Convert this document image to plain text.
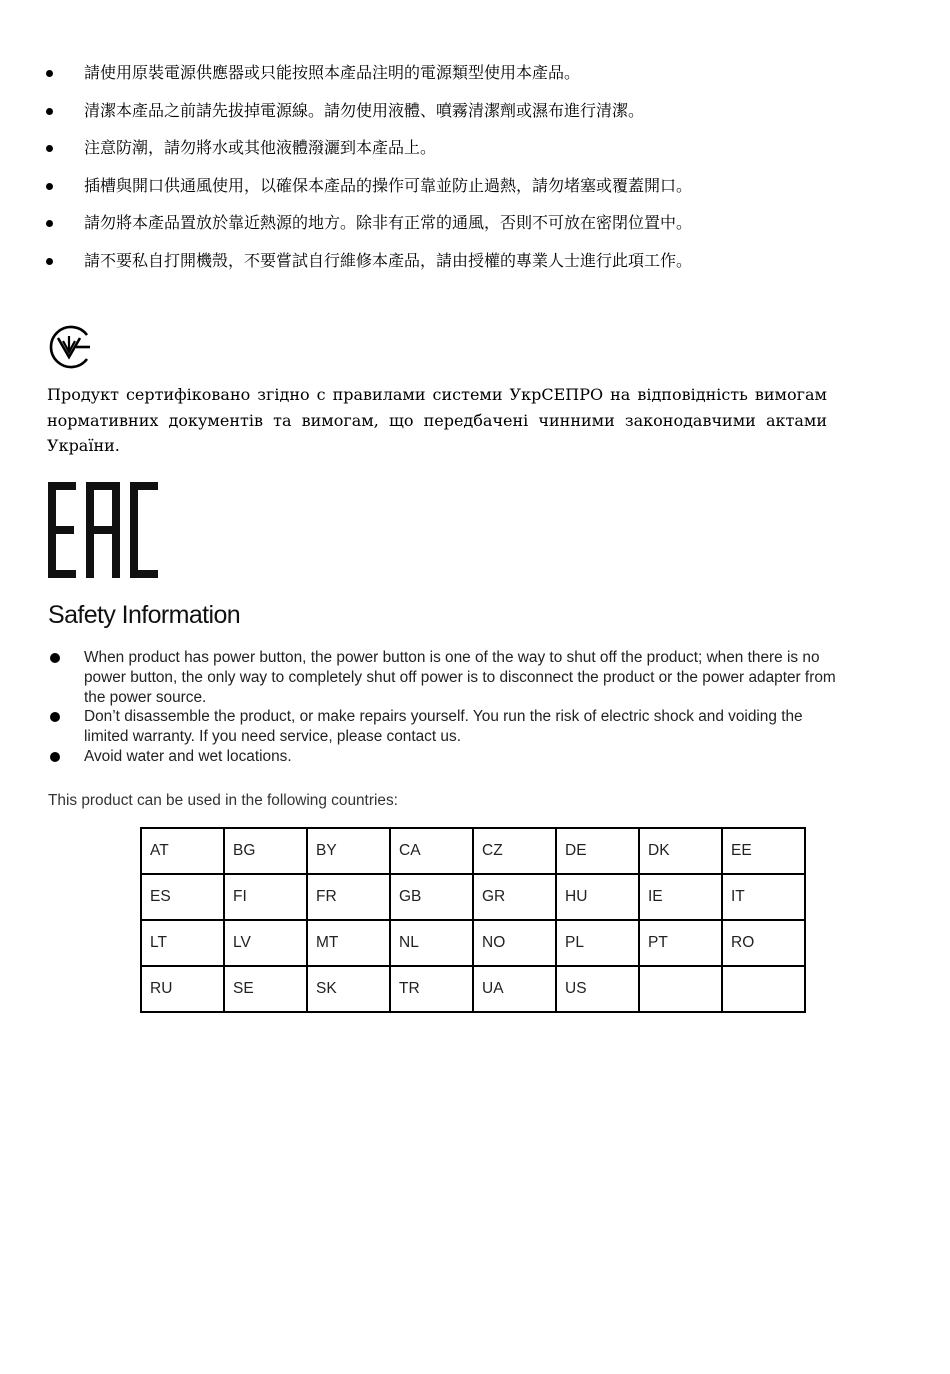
請使用原裝電源供應器或只能按照本產品注明的電源類型使用本產品。
清潔本產品之前請先拔掉電源線。請勿使用液體、噴霧清潔劑或濕布進行清潔。
注意防潮，請勿將水或其他液體潑灑到本產品上。
插槽與開口供通風使用，以確保本產品的操作可靠並防止過熱，請勿堵塞或覆蓋開口。
請勿將本產品置放於靠近熱源的地方。除非有正常的通風，否則不可放在密閉位置中。
請不要私自打開機殼，不要嘗試自行維修本產品，請由授權的專業人士進行此項工作。

Продукт сертифіковано згідно с правилами системи УкрСЕПРО на відповідність вимогам нормативних документів та вимогам, що передбачені чинними законодавчими актами України.

Safety Information
When product has power button, the power button is one of the way to shut off the product; when there is no power button, the only way to completely shut off power is to disconnect the product or the power adapter from the power source.
Don’t disassemble the product, or make repairs yourself. You run the risk of electric shock and voiding the limited warranty. If you need service, please contact us.
Avoid water and wet locations.

This product can be used in the following countries:

AT	BG	BY	CA	CZ	DE	DK	EE
ES	FI	FR	GB	GR	HU	IE	IT
LT	LV	MT	NL	NO	PL	PT	RO
RU	SE	SK	TR	UA	US		
